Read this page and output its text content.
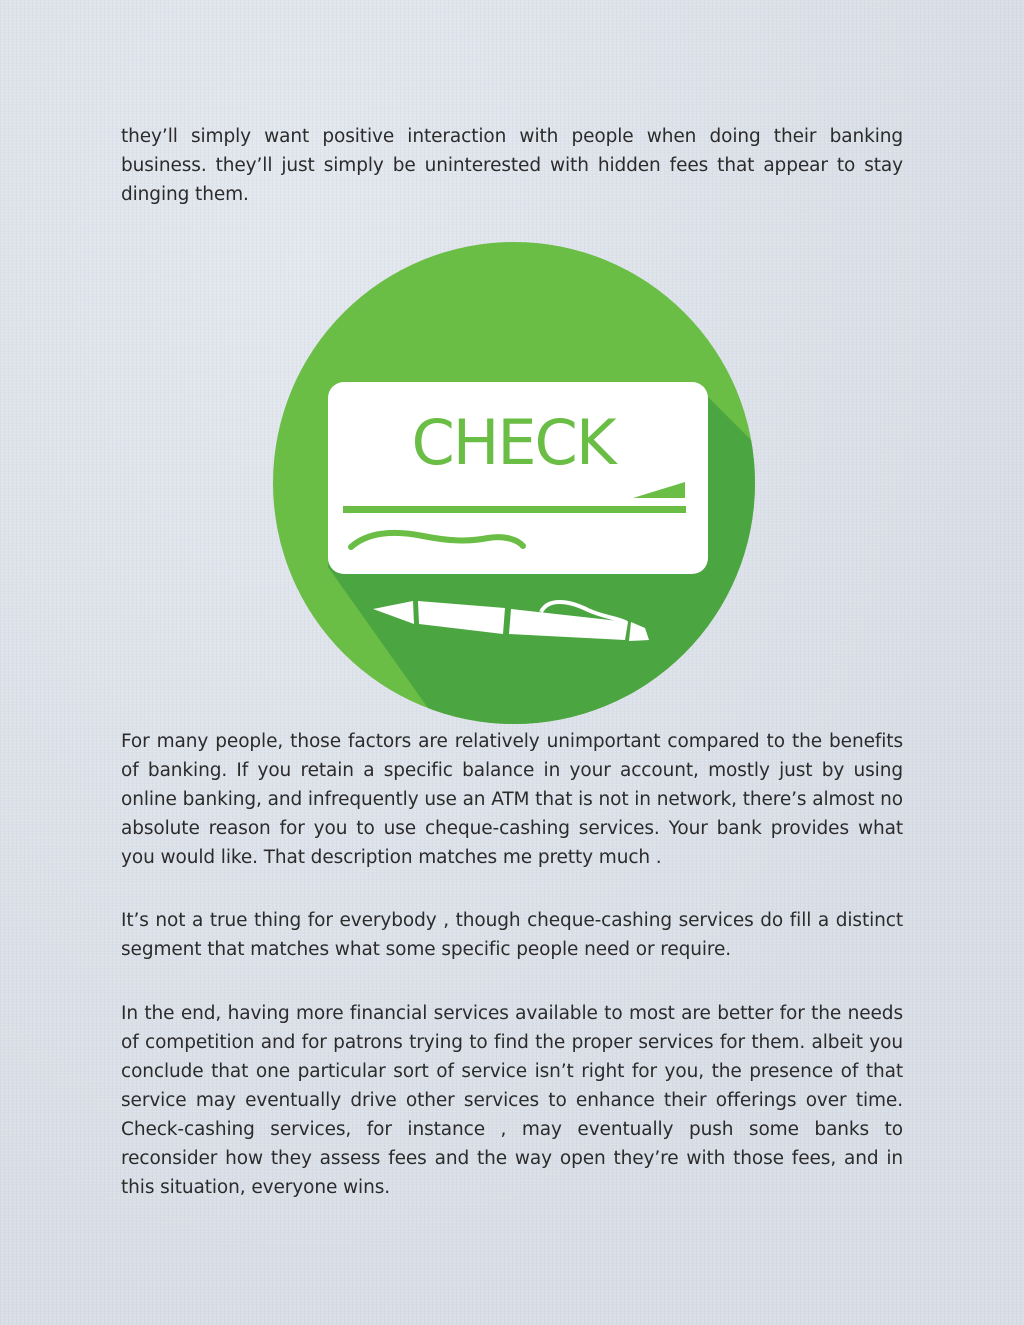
they’ll simply want positive interaction with people when doing their banking business. they’ll just simply be uninterested with hidden fees that appear to stay dinging them.

CHECK

For many people, those factors are relatively unimportant compared to the benefits of banking. If you retain a specific balance in your account, mostly just by using online banking, and infrequently use an ATM that is not in network, there’s almost no absolute reason for you to use cheque-cashing services. Your bank provides what you would like. That description matches me pretty much .

It’s not a true thing for everybody , though cheque-cashing services do fill a distinct segment that matches what some specific people need or require.

In the end, having more financial services available to most are better for the needs of competition and for patrons trying to find the proper services for them. albeit you conclude that one particular sort of service isn’t right for you, the presence of that service may eventually drive other services to enhance their offerings over time. Check-cashing services, for instance , may eventually push some banks to reconsider how they assess fees and the way open they’re with those fees, and in this situation, everyone wins.
